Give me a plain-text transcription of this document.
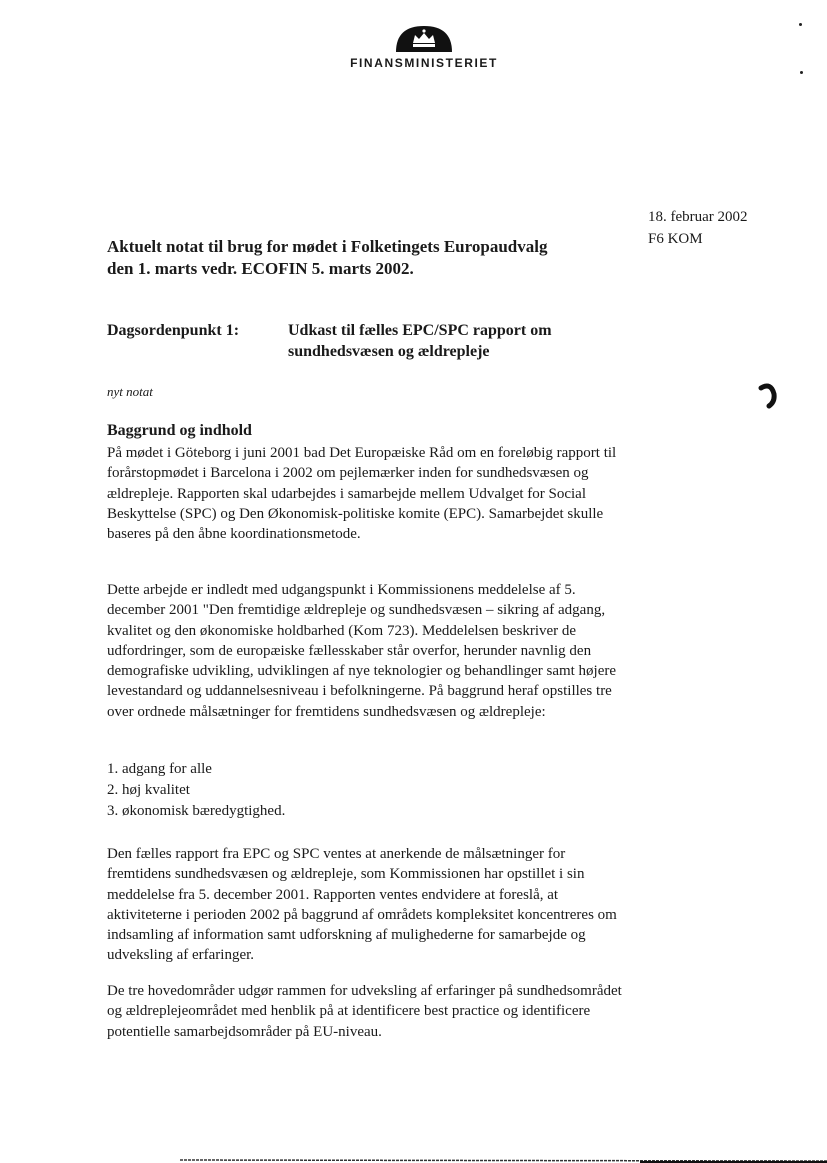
FINANSMINISTERIET
18. februar 2002
F6 KOM
Aktuelt notat til brug for mødet i Folketingets Europaudvalg
den 1. marts vedr. ECOFIN 5. marts 2002.
Dagsordenpunkt 1:	Udkast til fælles EPC/SPC rapport om
sundhedsvæsen og ældrepleje
nyt notat
Baggrund og indhold

På mødet i Göteborg i juni 2001 bad Det Europæiske Råd om en foreløbig rapport til forårstopmødet i Barcelona i 2002 om pejlemærker inden for sundhedsvæsen og ældrepleje. Rapporten skal udarbejdes i samarbejde mellem Udvalget for Social Beskyttelse (SPC) og Den Økonomisk-politiske komite (EPC). Samarbejdet skulle baseres på den åbne koordinationsmetode.

Dette arbejde er indledt med udgangspunkt i Kommissionens meddelelse af 5. december 2001 "Den fremtidige ældrepleje og sundhedsvæsen – sikring af adgang, kvalitet og den økonomiske holdbarhed (Kom 723). Meddelelsen beskriver de udfordringer, som de europæiske fællesskaber står overfor, herunder navnlig den demografiske udvikling, udviklingen af nye teknologier og behandlinger samt højere levestandard og uddannelsesniveau i befolkningerne. På baggrund heraf opstilles tre over ordnede målsætninger for fremtidens sundhedsvæsen og ældrepleje:

1. adgang for alle
2. høj kvalitet
3. økonomisk bæredygtighed.

Den fælles rapport fra EPC og SPC ventes at anerkende de målsætninger for fremtidens sundhedsvæsen og ældrepleje, som Kommissionen har opstillet i sin meddelelse fra 5. december 2001. Rapporten ventes endvidere at foreslå, at aktiviteterne i perioden 2002 på baggrund af områdets kompleksitet koncentreres om indsamling af information samt udforskning af mulighederne for samarbejde og udveksling af erfaringer.

De tre hovedområder udgør rammen for udveksling af erfaringer på sundhedsområdet og ældreplejeområdet med henblik på at identificere best practice og identificere potentielle samarbejdsområder på EU-niveau.
